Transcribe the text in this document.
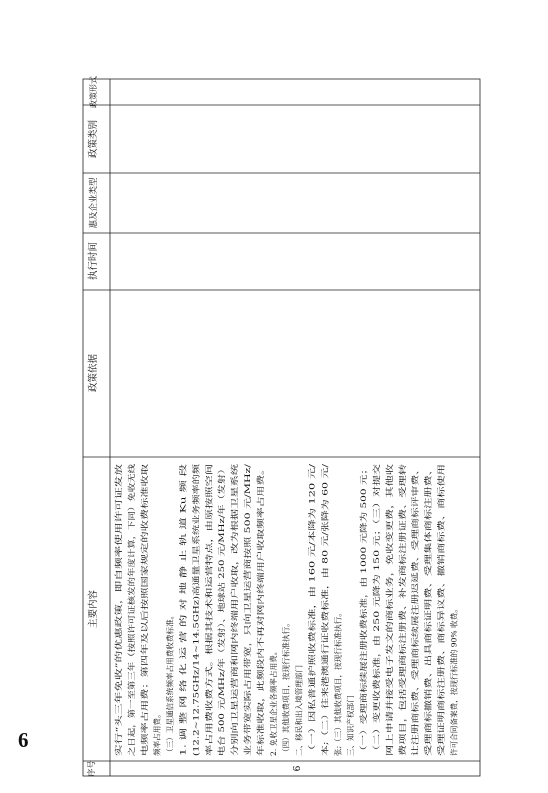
序号
主要内容
政策依据
执行时间
惠及企业类型
政策类别
政策形式
6
实行“头三年免收”的优惠政策，即自频率使用许可证发放 之日起，第一至第三年（按照许可证核发的年度计算，下同）免收无线 电频率占用费；第四年及以后按照国家规定的收费标准收取 频率占用费。 （三）卫星通信系统频率占用费收费标准。 1. 调 整 网 络 化 运 营 的 对 地 静 止 轨 道 Ku 频 段 (12.2~12.75GHz/14~14.5GHz)高通量卫星系统业务频率的频 率占用费收费方式。根据其技术和运营特点，由原按照空间 电台 500 元/MHz/年（发射）、地球站 250 元/MHz/年（发射） 分别向卫星运营商和网内终端用户收取，改为根据卫星系统 业务带宽实际占用带宽，只向卫星运营商按照 500 元/MHz/ 年标准收取，此频段内不再对网内终端用户收取频率占用费。 2. 免收卫星企业各频率占用费。 （四）其他收费项目，按现行标准执行。 二、移民和出入境管理部门 （一）因私普通护照收费标准，由 160 元/本降为 120 元/ 本;（二）往来港澳通行证收费标准，由 80 元/张降为 60 元/ 张;（三）其他收费项目，按现行标准执行。 三、知识产权部门 （一）受理商标续展注册收费标准，由 1000 元降为 500 元； （二）变更收费标准，由 250 元降为 150 元；（三）对提交 网上申请并接受电子发文的商标业务，免收变更费，其他收 费项目，包括受理商标注册费、补发商标注册证费、受理转 让注册商标费、受理商标续展注册迟延费、受理商标评审费、 受理商标撤销费、出具商标证明费、受理集体商标注册费、 受理证明商标注册费、商标异议费、撤销商标费、商标使用 许可合同备案费，按现行标准的 90% 收费。
6
